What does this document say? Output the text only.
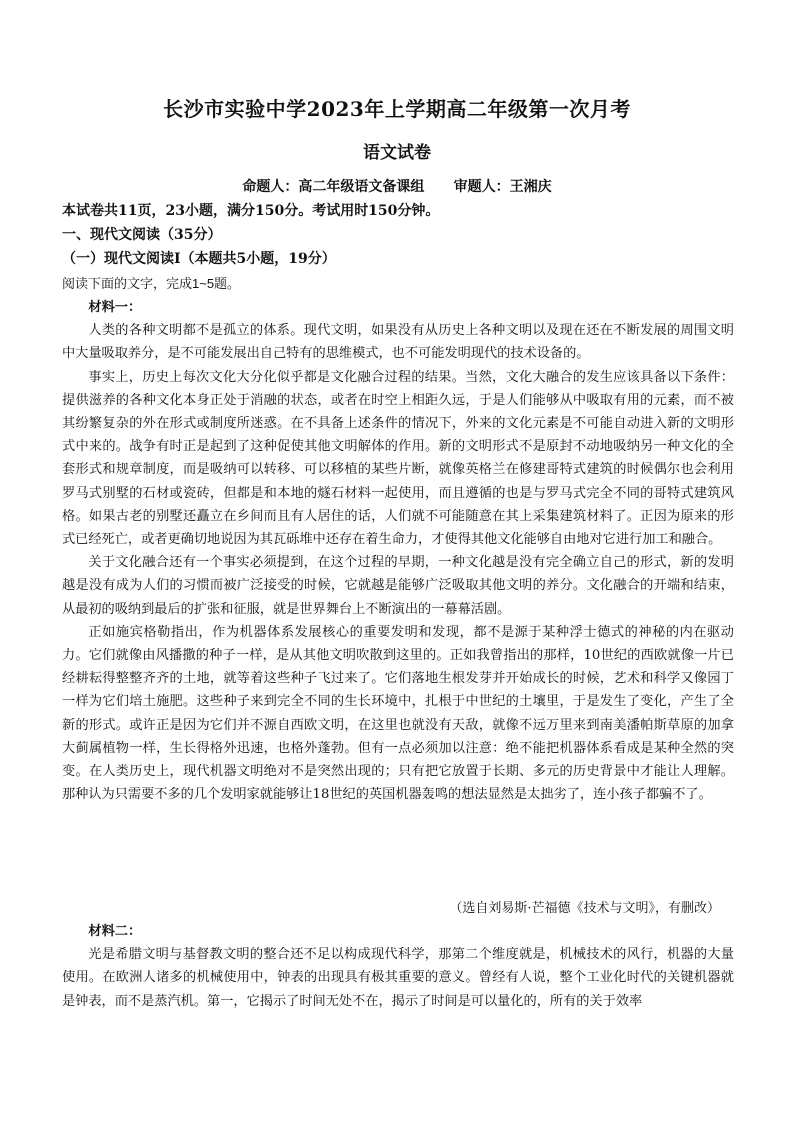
长沙市实验中学2023年上学期高二年级第一次月考
语文试卷
命题人：高二年级语文备课组      审题人：王湘庆
本试卷共11页，23小题，满分150分。考试用时150分钟。
一、现代文阅读（35分）
（一）现代文阅读Ⅰ（本题共5小题，19分）
阅读下面的文字，完成1~5题。

材料一：

人类的各种文明都不是孤立的体系。现代文明，如果没有从历史上各种文明以及现在还在不断发展的周围文明中大量吸取养分，是不可能发展出自己特有的思维模式，也不可能发明现代的技术设备的。

事实上，历史上每次文化大分化似乎都是文化融合过程的结果。当然，文化大融合的发生应该具备以下条件：提供滋养的各种文化本身正处于消融的状态，或者在时空上相距久远，于是人们能够从中吸取有用的元素，而不被其纷繁复杂的外在形式或制度所迷惑。在不具备上述条件的情况下，外来的文化元素是不可能自动进入新的文明形式中来的。战争有时正是起到了这种促使其他文明解体的作用。新的文明形式不是原封不动地吸纳另一种文化的全套形式和规章制度，而是吸纳可以转移、可以移植的某些片断，就像英格兰在修建哥特式建筑的时候偶尔也会利用罗马式别墅的石材或瓷砖，但都是和本地的燧石材料一起使用，而且遵循的也是与罗马式完全不同的哥特式建筑风格。如果古老的别墅还矗立在乡间而且有人居住的话，人们就不可能随意在其上采集建筑材料了。正因为原来的形式已经死亡，或者更确切地说因为其瓦砾堆中还存在着生命力，才使得其他文化能够自由地对它进行加工和融合。

关于文化融合还有一个事实必须提到，在这个过程的早期，一种文化越是没有完全确立自己的形式，新的发明越是没有成为人们的习惯而被广泛接受的时候，它就越是能够广泛吸取其他文明的养分。文化融合的开端和结束，从最初的吸纳到最后的扩张和征服，就是世界舞台上不断演出的一幕幕活剧。

正如施宾格勒指出，作为机器体系发展核心的重要发明和发现，都不是源于某种浮士德式的神秘的内在驱动力。它们就像由风播撒的种子一样，是从其他文明吹散到这里的。正如我曾指出的那样，10世纪的西欧就像一片已经耕耘得整整齐齐的土地，就等着这些种子飞过来了。它们落地生根发芽并开始成长的时候，艺术和科学又像园丁一样为它们培土施肥。这些种子来到完全不同的生长环境中，扎根于中世纪的土壤里，于是发生了变化，产生了全新的形式。或许正是因为它们并不源自西欧文明，在这里也就没有天敌，就像不远万里来到南美潘帕斯草原的加拿大蓟属植物一样，生长得格外迅速，也格外蓬勃。但有一点必须加以注意：绝不能把机器体系看成是某种全然的突变。在人类历史上，现代机器文明绝对不是突然出现的；只有把它放置于长期、多元的历史背景中才能让人理解。那种认为只需要不多的几个发明家就能够让18世纪的英国机器轰鸣的想法显然是太拙劣了，连小孩子都骗不了。

（选自刘易斯·芒福德《技术与文明》，有删改）

材料二：

光是希腊文明与基督教文明的整合还不足以构成现代科学，那第二个维度就是，机械技术的风行，机器的大量使用。在欧洲人诸多的机械使用中，钟表的出现具有极其重要的意义。曾经有人说，整个工业化时代的关键机器就是钟表，而不是蒸汽机。第一，它揭示了时间无处不在，揭示了时间是可以量化的，所有的关于效率
